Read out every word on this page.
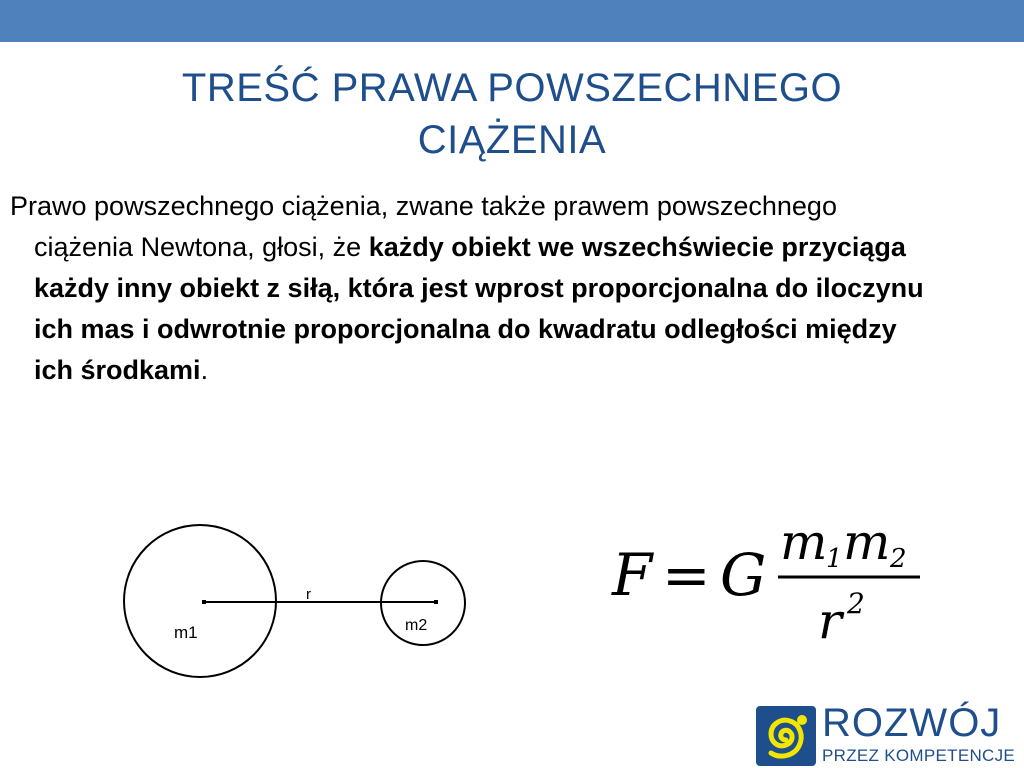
TREŚĆ PRAWA POWSZECHNEGO
CIĄŻENIA

Prawo powszechnego ciążenia, zwane także prawem powszechnego ciążenia Newtona, głosi, że każdy obiekt we wszechświecie przyciąga każdy inny obiekt z siłą, która jest wprost proporcjonalna do iloczynu ich mas i odwrotnie proporcjonalna do kwadratu odległości między ich środkami.

r
m1	m2
F = G m
1 m 2
r 2
ROZWÓJ
PRZEZ KOMPETENCJE
